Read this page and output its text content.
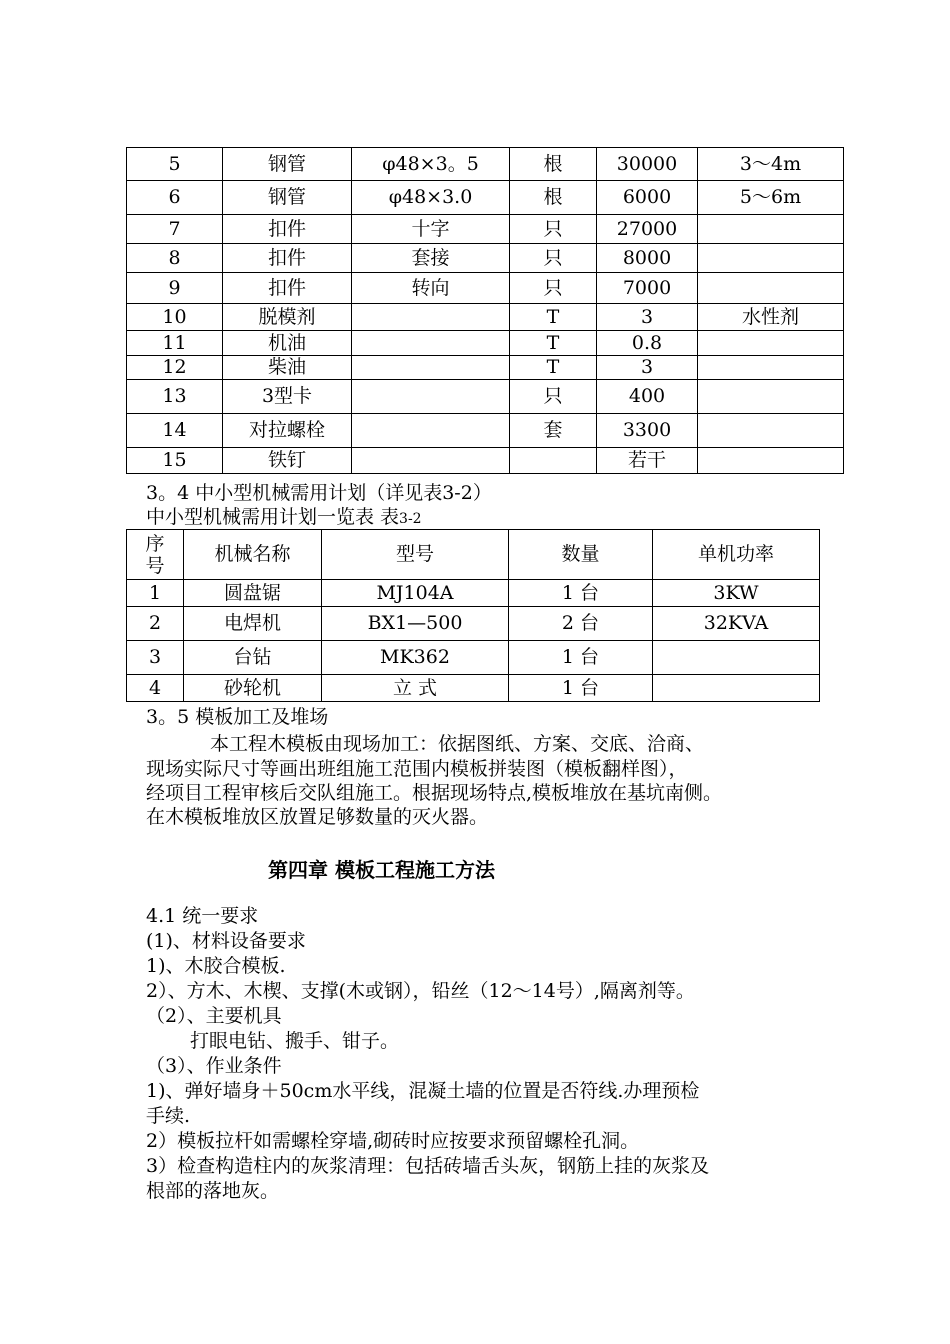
5	钢管	φ48×3。5	根	30000	3～4m
6	钢管	φ48×3.0	根	6000	5～6m
7	扣件	十字	只	27000	
8	扣件	套接	只	8000	
9	扣件	转向	只	7000	
10	脱模剂		T	3	水性剂
11	机油		T	0.8	
12	柴油		T	3	
13	3型卡		只	400	
14	对拉螺栓		套	3300	
15	铁钉			若干	
3。4 中小型机械需用计划（详见表3-2）
中小型机械需用计划一览表 表3-2
序号	机械名称	型号	数量	单机功率
1	圆盘锯	MJ104A	1 台	3KW
2	电焊机	BX1—500	2 台	32KVA
3	台钻	MK362	1 台	
4	砂轮机	立 式	1 台	
3。5 模板加工及堆场
本工程木模板由现场加工：依据图纸、方案、交底、洽商、
现场实际尺寸等画出班组施工范围内模板拼装图（模板翻样图），
经项目工程审核后交队组施工。根据现场特点,模板堆放在基坑南侧。
在木模板堆放区放置足够数量的灭火器。
第四章 模板工程施工方法
4.1 统一要求
(1)、材料设备要求
1)、木胶合模板.
2）、方木、木楔、支撑(木或钢），铅丝（12～14号）,隔离剂等。
（2）、主要机具
打眼电钻、搬手、钳子。
（3）、作业条件
1)、弹好墙身＋50cm水平线，混凝土墙的位置是否符线.办理预检
手续.
2）模板拉杆如需螺栓穿墙,砌砖时应按要求预留螺栓孔洞。
3）检查构造柱内的灰浆清理：包括砖墙舌头灰，钢筋上挂的灰浆及
根部的落地灰。
